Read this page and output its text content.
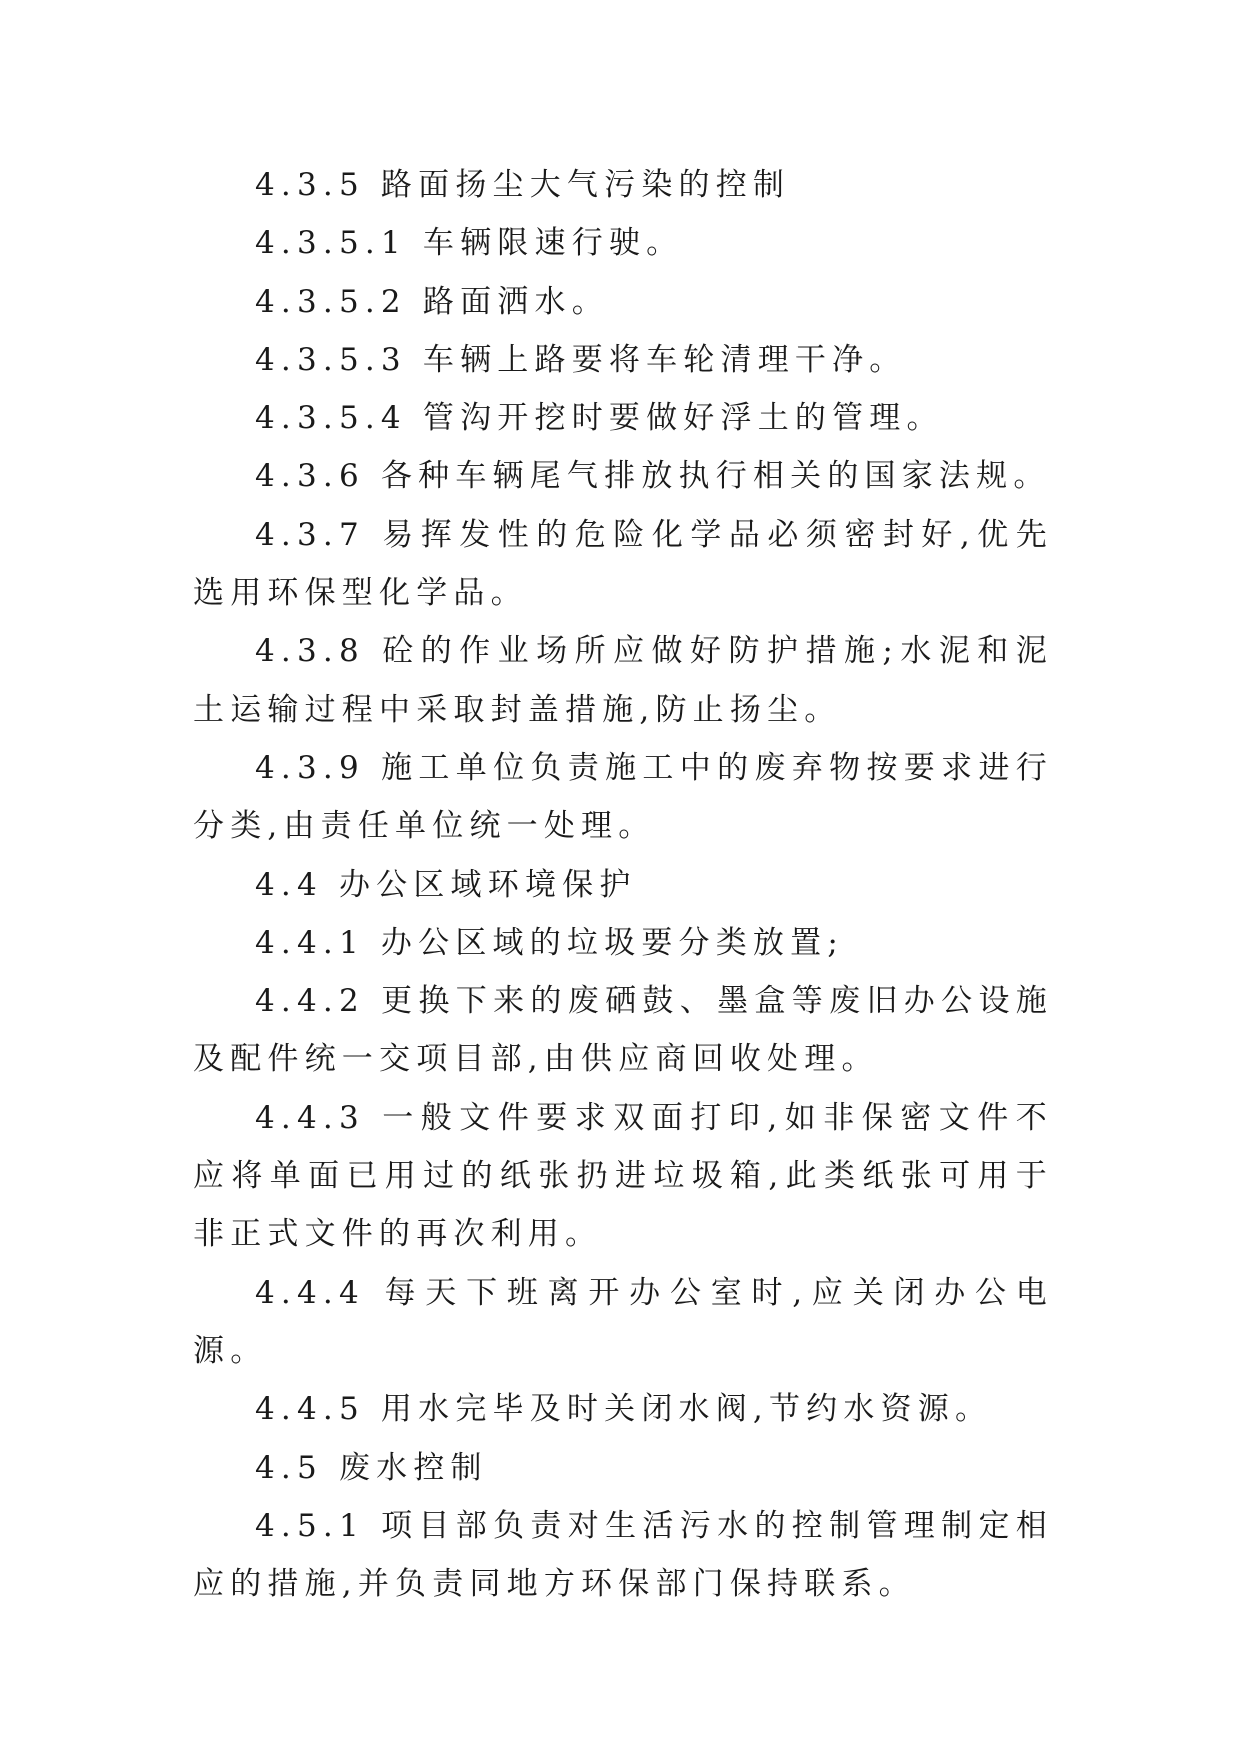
4.3.5 路面扬尘大气污染的控制

4.3.5.1 车辆限速行驶。

4.3.5.2 路面洒水。

4.3.5.3 车辆上路要将车轮清理干净。

4.3.5.4 管沟开挖时要做好浮土的管理。

4.3.6 各种车辆尾气排放执行相关的国家法规。

4.3.7 易挥发性的危险化学品必须密封好,优先选用环保型化学品。

4.3.8 砼的作业场所应做好防护措施;水泥和泥土运输过程中采取封盖措施,防止扬尘。

4.3.9 施工单位负责施工中的废弃物按要求进行分类,由责任单位统一处理。

4.4 办公区域环境保护

4.4.1 办公区域的垃圾要分类放置;

4.4.2 更换下来的废硒鼓、墨盒等废旧办公设施及配件统一交项目部,由供应商回收处理。

4.4.3 一般文件要求双面打印,如非保密文件不应将单面已用过的纸张扔进垃圾箱,此类纸张可用于非正式文件的再次利用。

4.4.4 每天下班离开办公室时,应关闭办公电源。

4.4.5 用水完毕及时关闭水阀,节约水资源。

4.5 废水控制

4.5.1 项目部负责对生活污水的控制管理制定相应的措施,并负责同地方环保部门保持联系。
